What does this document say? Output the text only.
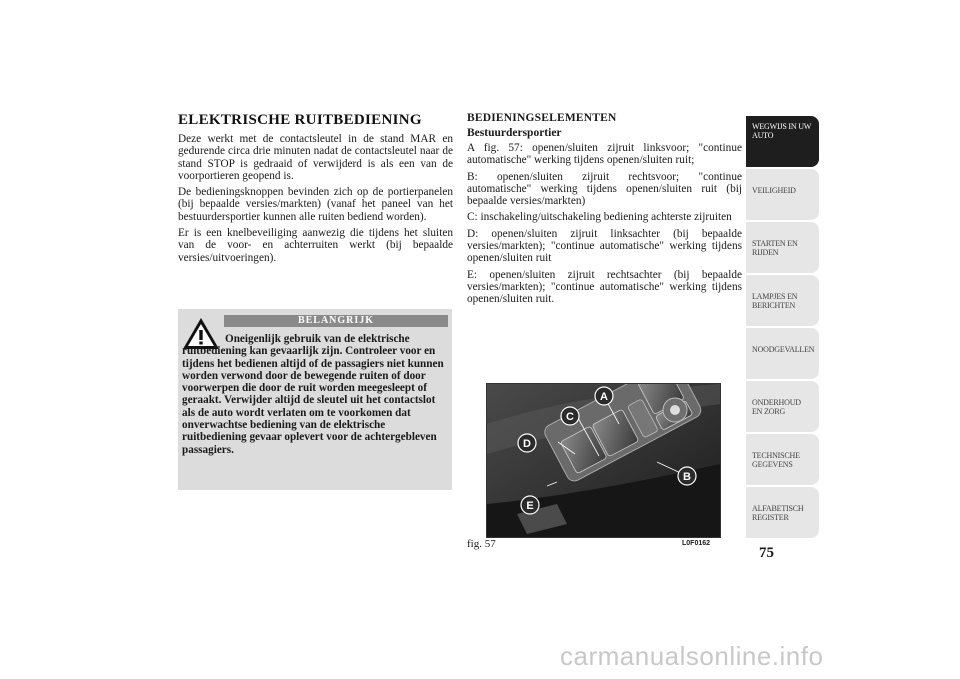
ELEKTRISCHE RUITBEDIENING

Deze werkt met de contactsleutel in de stand MAR en gedurende circa drie minuten nadat de contactsleutel naar de stand STOP is gedraaid of verwijderd is als een van de voorportieren geopend is.

De bedieningsknoppen bevinden zich op de portierpanelen (bij bepaalde versies/markten) (vanaf het paneel van het bestuurdersportier kunnen alle ruiten bediend worden).

Er is een knelbeveiliging aanwezig die tijdens het sluiten van de voor- en achterruiten werkt (bij bepaalde versies/uitvoeringen).

BELANGRIJK

Oneigenlijk gebruik van de elektrische ruitbediening kan gevaarlijk zijn. Controleer voor en tijdens het bedienen altijd of de passagiers niet kunnen worden verwond door de bewegende ruiten of door voorwerpen die door de ruit worden meegesleept of geraakt. Verwijder altijd de sleutel uit het contactslot als de auto wordt verlaten om te voorkomen dat onverwachtse bediening van de elektrische ruitbediening gevaar oplevert voor de achtergebleven passagiers.

BEDIENINGSELEMENTEN

Bestuurdersportier

A fig. 57: openen/sluiten zijruit linksvoor; "continue automatische" werking tijdens openen/sluiten ruit;

B: openen/sluiten zijruit rechtsvoor; "continue automatische" werking tijdens openen/sluiten ruit (bij bepaalde versies/markten)

C: inschakeling/uitschakeling bediening achterste zijruiten

D: openen/sluiten zijruit linksachter (bij bepaalde versies/markten); "continue automatische" werking tijdens openen/sluiten ruit

E: openen/sluiten zijruit rechtsachter (bij bepaalde versies/markten); "continue automatische" werking tijdens openen/sluiten ruit.

A
B
C
D
E
fig. 57	L0F0162
WEGWIJS IN UW AUTO
VEILIGHEID
STARTEN EN RIJDEN
LAMPJES EN BERICHTEN
NOODGEVALLEN
ONDERHOUD EN ZORG
TECHNISCHE GEGEVENS
ALFABETISCH REGISTER
75
carmanualsonline.info
